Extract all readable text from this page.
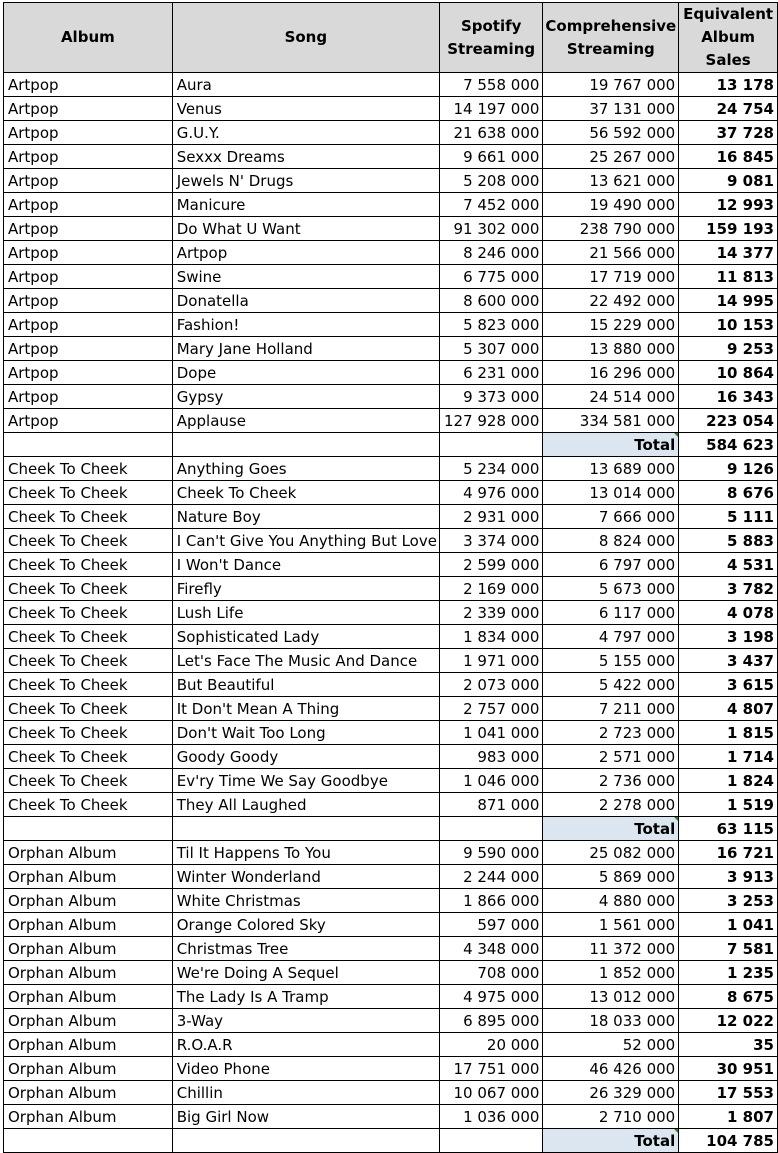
Album	Song	Spotify Streaming	Comprehensive Streaming	Equivalent Album Sales
Artpop	Aura	7 558 000	19 767 000	13 178
Artpop	Venus	14 197 000	37 131 000	24 754
Artpop	G.U.Y.	21 638 000	56 592 000	37 728
Artpop	Sexxx Dreams	9 661 000	25 267 000	16 845
Artpop	Jewels N' Drugs	5 208 000	13 621 000	9 081
Artpop	Manicure	7 452 000	19 490 000	12 993
Artpop	Do What U Want	91 302 000	238 790 000	159 193
Artpop	Artpop	8 246 000	21 566 000	14 377
Artpop	Swine	6 775 000	17 719 000	11 813
Artpop	Donatella	8 600 000	22 492 000	14 995
Artpop	Fashion!	5 823 000	15 229 000	10 153
Artpop	Mary Jane Holland	5 307 000	13 880 000	9 253
Artpop	Dope	6 231 000	16 296 000	10 864
Artpop	Gypsy	9 373 000	24 514 000	16 343
Artpop	Applause	127 928 000	334 581 000	223 054
			Total	584 623
Cheek To Cheek	Anything Goes	5 234 000	13 689 000	9 126
Cheek To Cheek	Cheek To Cheek	4 976 000	13 014 000	8 676
Cheek To Cheek	Nature Boy	2 931 000	7 666 000	5 111
Cheek To Cheek	I Can't Give You Anything But Love	3 374 000	8 824 000	5 883
Cheek To Cheek	I Won't Dance	2 599 000	6 797 000	4 531
Cheek To Cheek	Firefly	2 169 000	5 673 000	3 782
Cheek To Cheek	Lush Life	2 339 000	6 117 000	4 078
Cheek To Cheek	Sophisticated Lady	1 834 000	4 797 000	3 198
Cheek To Cheek	Let's Face The Music And Dance	1 971 000	5 155 000	3 437
Cheek To Cheek	But Beautiful	2 073 000	5 422 000	3 615
Cheek To Cheek	It Don't Mean A Thing	2 757 000	7 211 000	4 807
Cheek To Cheek	Don't Wait Too Long	1 041 000	2 723 000	1 815
Cheek To Cheek	Goody Goody	983 000	2 571 000	1 714
Cheek To Cheek	Ev'ry Time We Say Goodbye	1 046 000	2 736 000	1 824
Cheek To Cheek	They All Laughed	871 000	2 278 000	1 519
			Total	63 115
Orphan Album	Til It Happens To You	9 590 000	25 082 000	16 721
Orphan Album	Winter Wonderland	2 244 000	5 869 000	3 913
Orphan Album	White Christmas	1 866 000	4 880 000	3 253
Orphan Album	Orange Colored Sky	597 000	1 561 000	1 041
Orphan Album	Christmas Tree	4 348 000	11 372 000	7 581
Orphan Album	We're Doing A Sequel	708 000	1 852 000	1 235
Orphan Album	The Lady Is A Tramp	4 975 000	13 012 000	8 675
Orphan Album	3-Way	6 895 000	18 033 000	12 022
Orphan Album	R.O.A.R	20 000	52 000	35
Orphan Album	Video Phone	17 751 000	46 426 000	30 951
Orphan Album	Chillin	10 067 000	26 329 000	17 553
Orphan Album	Big Girl Now	1 036 000	2 710 000	1 807
			Total	104 785
